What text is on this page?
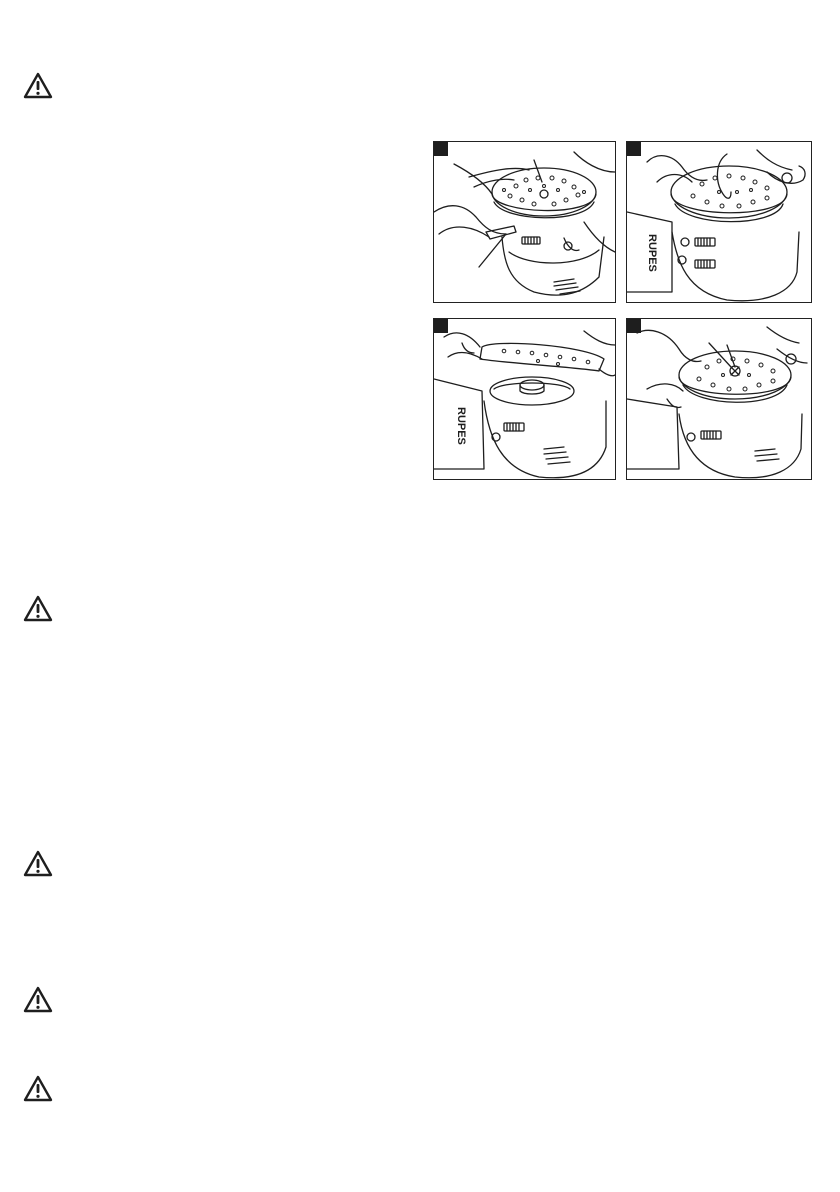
RUPES
RUPES
